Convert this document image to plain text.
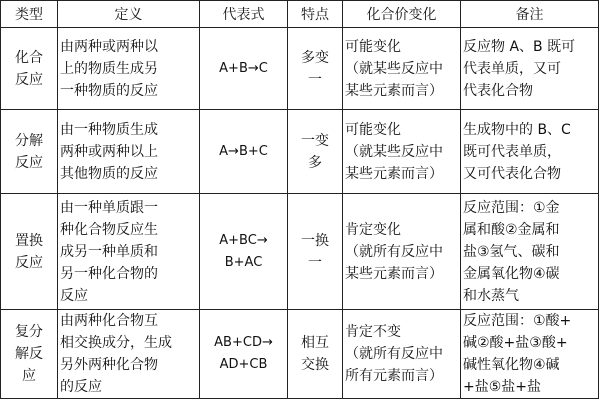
类型	定义	代表式	特点	化合价变化	备注

化合
反应	由两种或两种以
上的物质生成另
一种物质的反应	A+B→C	多变
一	可能变化
（就某些反应中
某些元素而言）	反应物 A、B 既可
代表单质，又可
代表化合物

分解
反应	由一种物质生成
两种或两种以上
其他物质的反应	A→B+C	一变
多	可能变化
（就某些反应中
某些元素而言）	生成物中的 B、C
既可代表单质，
又可代表化合物

置换
反应	由一种单质跟一
种化合物反应生
成另一种单质和
另一种化合物的
反应	A+BC→
B+AC	一换
一	肯定变化
（就所有反应中
某些元素而言）	反应范围：①金
属和酸②金属和
盐③氢气、碳和
金属氧化物④碳
和水蒸气

复分
解反
应	由两种化合物互
相交换成分，生成
另外两种化合物
的反应	AB+CD→
AD+CB	相互
交换	肯定不变
（就所有反应中
所有元素而言）	反应范围：①酸+
碱②酸+盐③酸+
碱性氧化物④碱
+盐⑤盐+盐
